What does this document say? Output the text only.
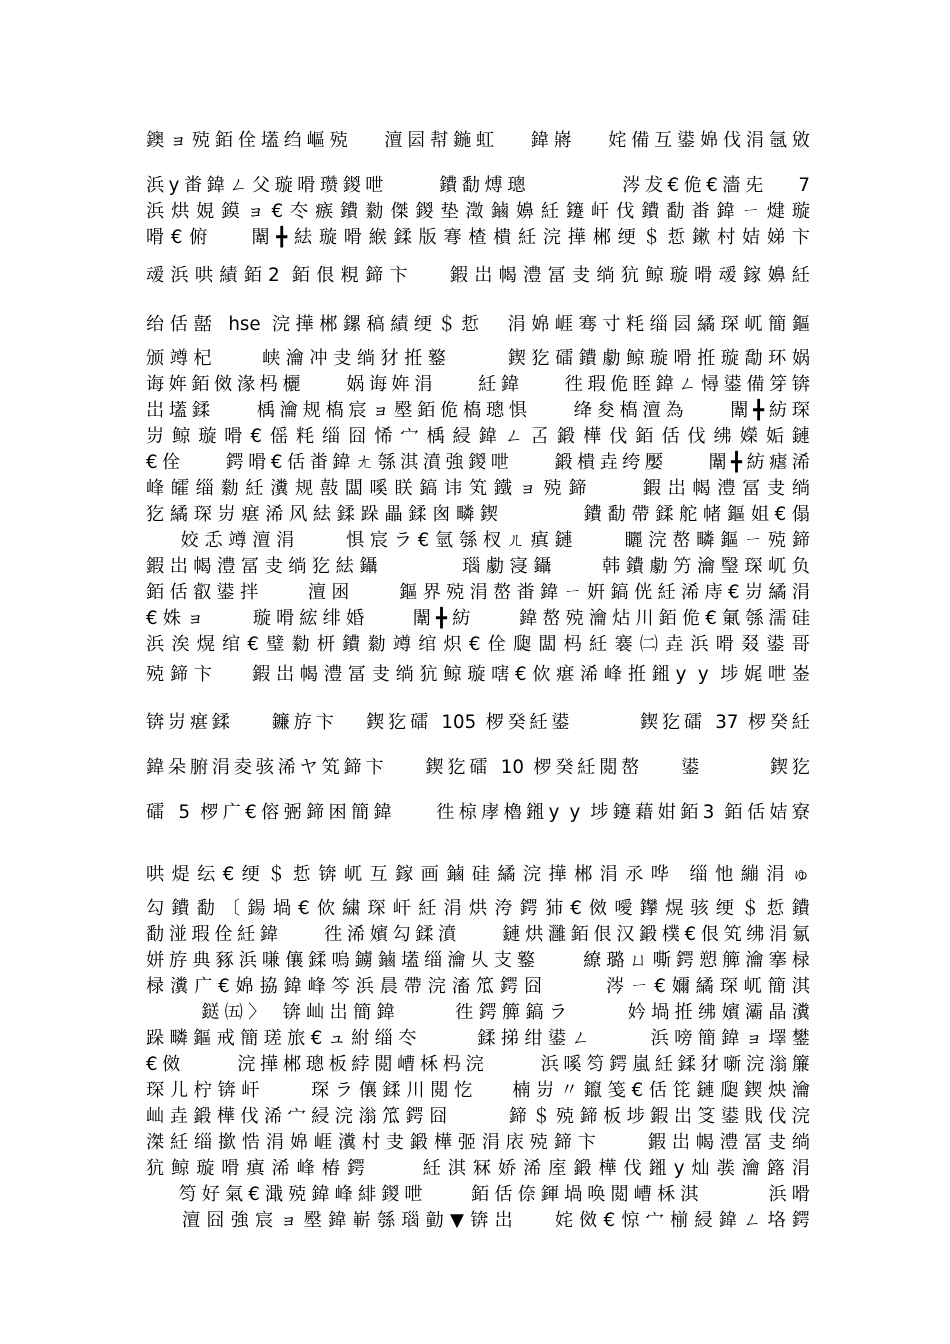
鐭ョ殑銆佺壒绉嶇殑   澶囩幇鍦虹   鍏嶈   姹備互鍙婂伐涓氬敓
浜у畨鍏ㄥ父璇嗗瓒鍐呭     鐨勫煿璁         涔犮€佹€濇兂   7
浜烘娊鏌ョ€冭瘯鐨勬傑鍐垫澂鏀嬶紝鑳屽伐鐨勫畨鍏ㄧ煡璇
嗗€俯   闈╋紶璇嗗緱鍒版弿楂樻紝浣撶郴绠＄悊鏉村姞娣卞
叆浜哄績銆2 銆佷粯鍗卞   鍜岀幆澧冨叏绱犺鲸璇嗗叆鎵嬶紝
绐佸嚭 hse 浣撶郴鏍稿績绠＄悊  涓婂崕骞寸粍缁囩繘琛屼簡鏂
颁竴杞    峡瀹冲叏绱犲拰鐜     鍥犵礌鐨勮鲸璇嗗拰璇勪环娲
诲姩銆傚湪杩欐    娲诲姩涓    紝鍏    徃瑕佹眰鍏ㄥ憳鍙備笌锛
岀壒鍒    楀瀹规槗宸ョ壂銆佹槗璁惧    绛夋槗澶為    闈╋紡琛
岃鲸璇嗗€傜粍缁囧悕宀楀綅鍏ㄥ叾鍛樺伐銆佸伐绋嬫姤鏈
€佺    鍔嗗€佸畨鍏ㄤ綔淇濆強鍐呭    鍛樻垚绔嬮    闈╋紡瘧浠
峰皬缁勬紝瀵规敼闆嗘眹鎬讳笂鐵ョ殑鍗    鍜岀幆澧冨叏绱
犵繘琛岃瘎浠风紶鍒跺畾鍒囪疄鍥       鐨勫帶鍒舵帾鏂姐€傝
姣忎竴澶涓    惧宸ラ€氫綔杈ㄦ瘨鏈    矖浣嶅疄鏂ㄧ殑鍗
鍜岀幆澧冨叏绱犵紶鑷       瑙勮寖鑷    韩鐨勮竻瀹瑿琛屼负
銆佸叡鍙拌    澶囦    鏂界殑涓嶅畨鍏ㄧ姸鎬侊紝浠庤€岃繘涓
€姝ョ    璇嗗綋绯婚    闈╋紡    鍏嶅殑瀹炶川銆佹€氭綔濡硅
浜涘熀绾€璧勬枅鐨勬竴绾炽€佺瓟闆杩紝褰㈡垚浜嗗叕鍙哥
殑鍗卞   鍜岀幆澧冨叏绱犺鲸璇嗐€佽瘎浠峰拰鎺у y 埗娓呭崟
锛岃瘎鍒    鐮斿卞   鍥犵礌 105 椤癸紝鍙       鍥犵礌 37 椤癸紝
鍏朵腑涓夌骇浠ヤ笂鍗卞    鍥犵礌 10 椤癸紝閲嶅    鍙       鍥犵
礌 5 椤广€傛弻鍗困簡鍏    徃椋庨櫓鎺у y 埗鑳藉姏銆3 銆佸姞寮
哄煶纭€绠＄悊锛屼互鎵画鏀硅繘浣撶郴涓氶哗 缁忚繃涓ゅ
勾鐨勫〔鍚堝€佽繍琛屽紝涓烘洿鍔犻€傚噯鑻熀骇绠＄悊鐨
勫湴瑕佺紝鍏    徃浠嬪勾鍒濆    鏈烘灉銆佷汉鍛樸€佷笂绋涓氱
姘斿典豩浜嗛儴鍒嗚鐪鏀壒缁瀹乆支鐜    繚璐ㄩ嘶鍔愬簲瀹搴椂
椂瀵广€婂拹鍏峰笒浜晨帶浣滀笟鍔囧     涔ㄧ€嬭繘琛屼簡淇
鎹㈤〉 锛屾岀簡鍏     徃鍔簲鎬ラ     妗堝拰绋嬪灞晶瀵
跺疄鏂戒簡瑳旅€ュ紨缁冭     鍒挮绀鍙ㄥ     浜嗙簡鍏ョ墿鐢
€傚     浣撶郴璁板綍閲嶆柇杩浣     浜嗘笉鍔嵐紝鍒犲噺浣滃簾
琛儿柠锛屽    琛ラ儴鍒川閲忔   楠岃〃鑹笺€佸笓鏈瓟鍥炴瀹
屾垚鍛樺伐浠宀綅浣滃笟鍔囧     鍗＄殑鍗板埗鍜岀笅鍙戝伐浣
滐紝缁撳悎涓婂崕瀵村叏鍛樺弬涓庡殑鍗卞    鍜岀幆澧冨叏绱
犺鲸璇嗗瘨浠峰椿鍔    紝淇冧娇浠庢鍛樺伐鎺у灿彂瀹簬涓
笉好氣€濈殑鍏峰緋鍐呭    銆佸倷鍕堝唤閲嶆柇淇      浜嗗
澶囧強宸ョ壂鍏嶄綔瑙勭▼锛岀   姹傚€惊宀椾綅鍏ㄥ垎鍔
